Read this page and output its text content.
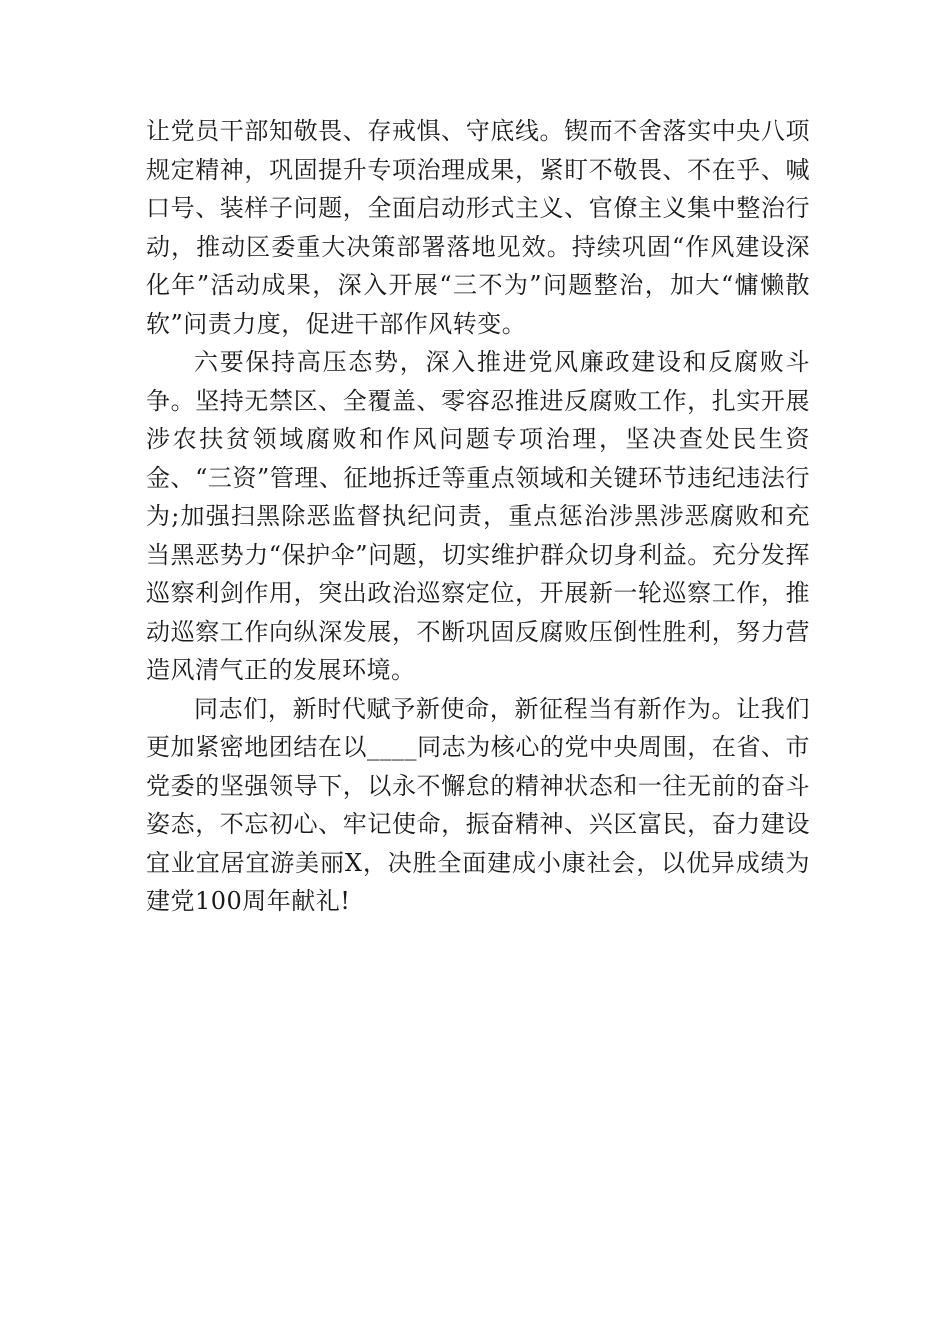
让党员干部知敬畏、存戒惧、守底线。锲而不舍落实中央八项规定精神，巩固提升专项治理成果，紧盯不敬畏、不在乎、喊口号、装样子问题，全面启动形式主义、官僚主义集中整治行动，推动区委重大决策部署落地见效。持续巩固“作风建设深化年”活动成果，深入开展“三不为”问题整治，加大“慵懒散软”问责力度，促进干部作风转变。

六要保持高压态势，深入推进党风廉政建设和反腐败斗争。坚持无禁区、全覆盖、零容忍推进反腐败工作，扎实开展涉农扶贫领域腐败和作风问题专项治理，坚决查处民生资金、“三资”管理、征地拆迁等重点领域和关键环节违纪违法行为;加强扫黑除恶监督执纪问责，重点惩治涉黑涉恶腐败和充当黑恶势力“保护伞”问题，切实维护群众切身利益。充分发挥巡察利剑作用，突出政治巡察定位，开展新一轮巡察工作，推动巡察工作向纵深发展，不断巩固反腐败压倒性胜利，努力营造风清气正的发展环境。

同志们，新时代赋予新使命，新征程当有新作为。让我们更加紧密地团结在以____同志为核心的党中央周围，在省、市党委的坚强领导下，以永不懈怠的精神状态和一往无前的奋斗姿态，不忘初心、牢记使命，振奋精神、兴区富民，奋力建设宜业宜居宜游美丽X，决胜全面建成小康社会，以优异成绩为建党100周年献礼!
